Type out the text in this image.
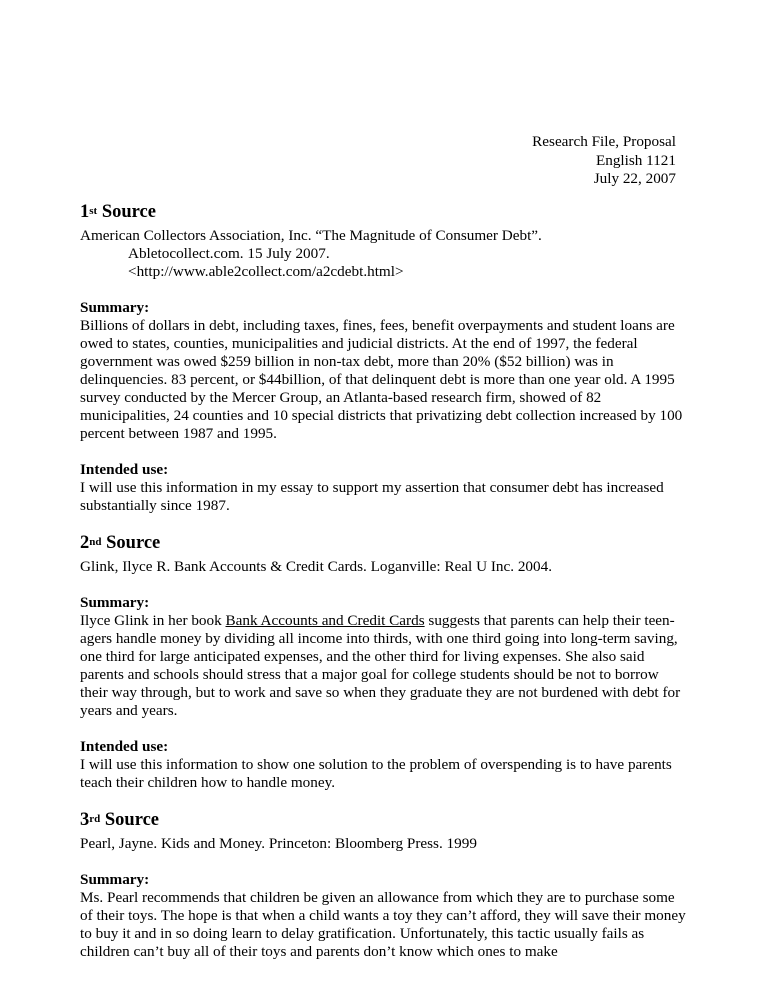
Research File, Proposal
English 1121
July 22, 2007
1st Source
American Collectors Association, Inc. “The Magnitude of Consumer Debt”.
Abletocollect.com. 15 July 2007.
<http://www.able2collect.com/a2cdebt.html>
Summary:
Billions of dollars in debt, including taxes, fines, fees, benefit overpayments and student loans are owed to states, counties, municipalities and judicial districts. At the end of 1997, the federal government was owed $259 billion in non-tax debt, more than 20% ($52 billion) was in delinquencies. 83 percent, or $44billion, of that delinquent debt is more than one year old. A 1995 survey conducted by the Mercer Group, an Atlanta-based research firm, showed of 82 municipalities, 24 counties and 10 special districts that privatizing debt collection increased by 100 percent between 1987 and 1995.
Intended use:
I will use this information in my essay to support my assertion that consumer debt has increased substantially since 1987.
2nd Source
Glink, Ilyce R. Bank Accounts & Credit Cards. Loganville: Real U Inc. 2004.
Summary:
Ilyce Glink in her book Bank Accounts and Credit Cards suggests that parents can help their teen-agers handle money by dividing all income into thirds, with one third going into long-term saving, one third for large anticipated expenses, and the other third for living expenses. She also said parents and schools should stress that a major goal for college students should be not to borrow their way through, but to work and save so when they graduate they are not burdened with debt for years and years.
Intended use:
I will use this information to show one solution to the problem of overspending is to have parents teach their children how to handle money.
3rd Source
Pearl, Jayne. Kids and Money. Princeton: Bloomberg Press. 1999
Summary:
Ms. Pearl recommends that children be given an allowance from which they are to purchase some of their toys. The hope is that when a child wants a toy they can’t afford, they will save their money to buy it and in so doing learn to delay gratification. Unfortunately, this tactic usually fails as children can’t buy all of their toys and parents don’t know which ones to make
